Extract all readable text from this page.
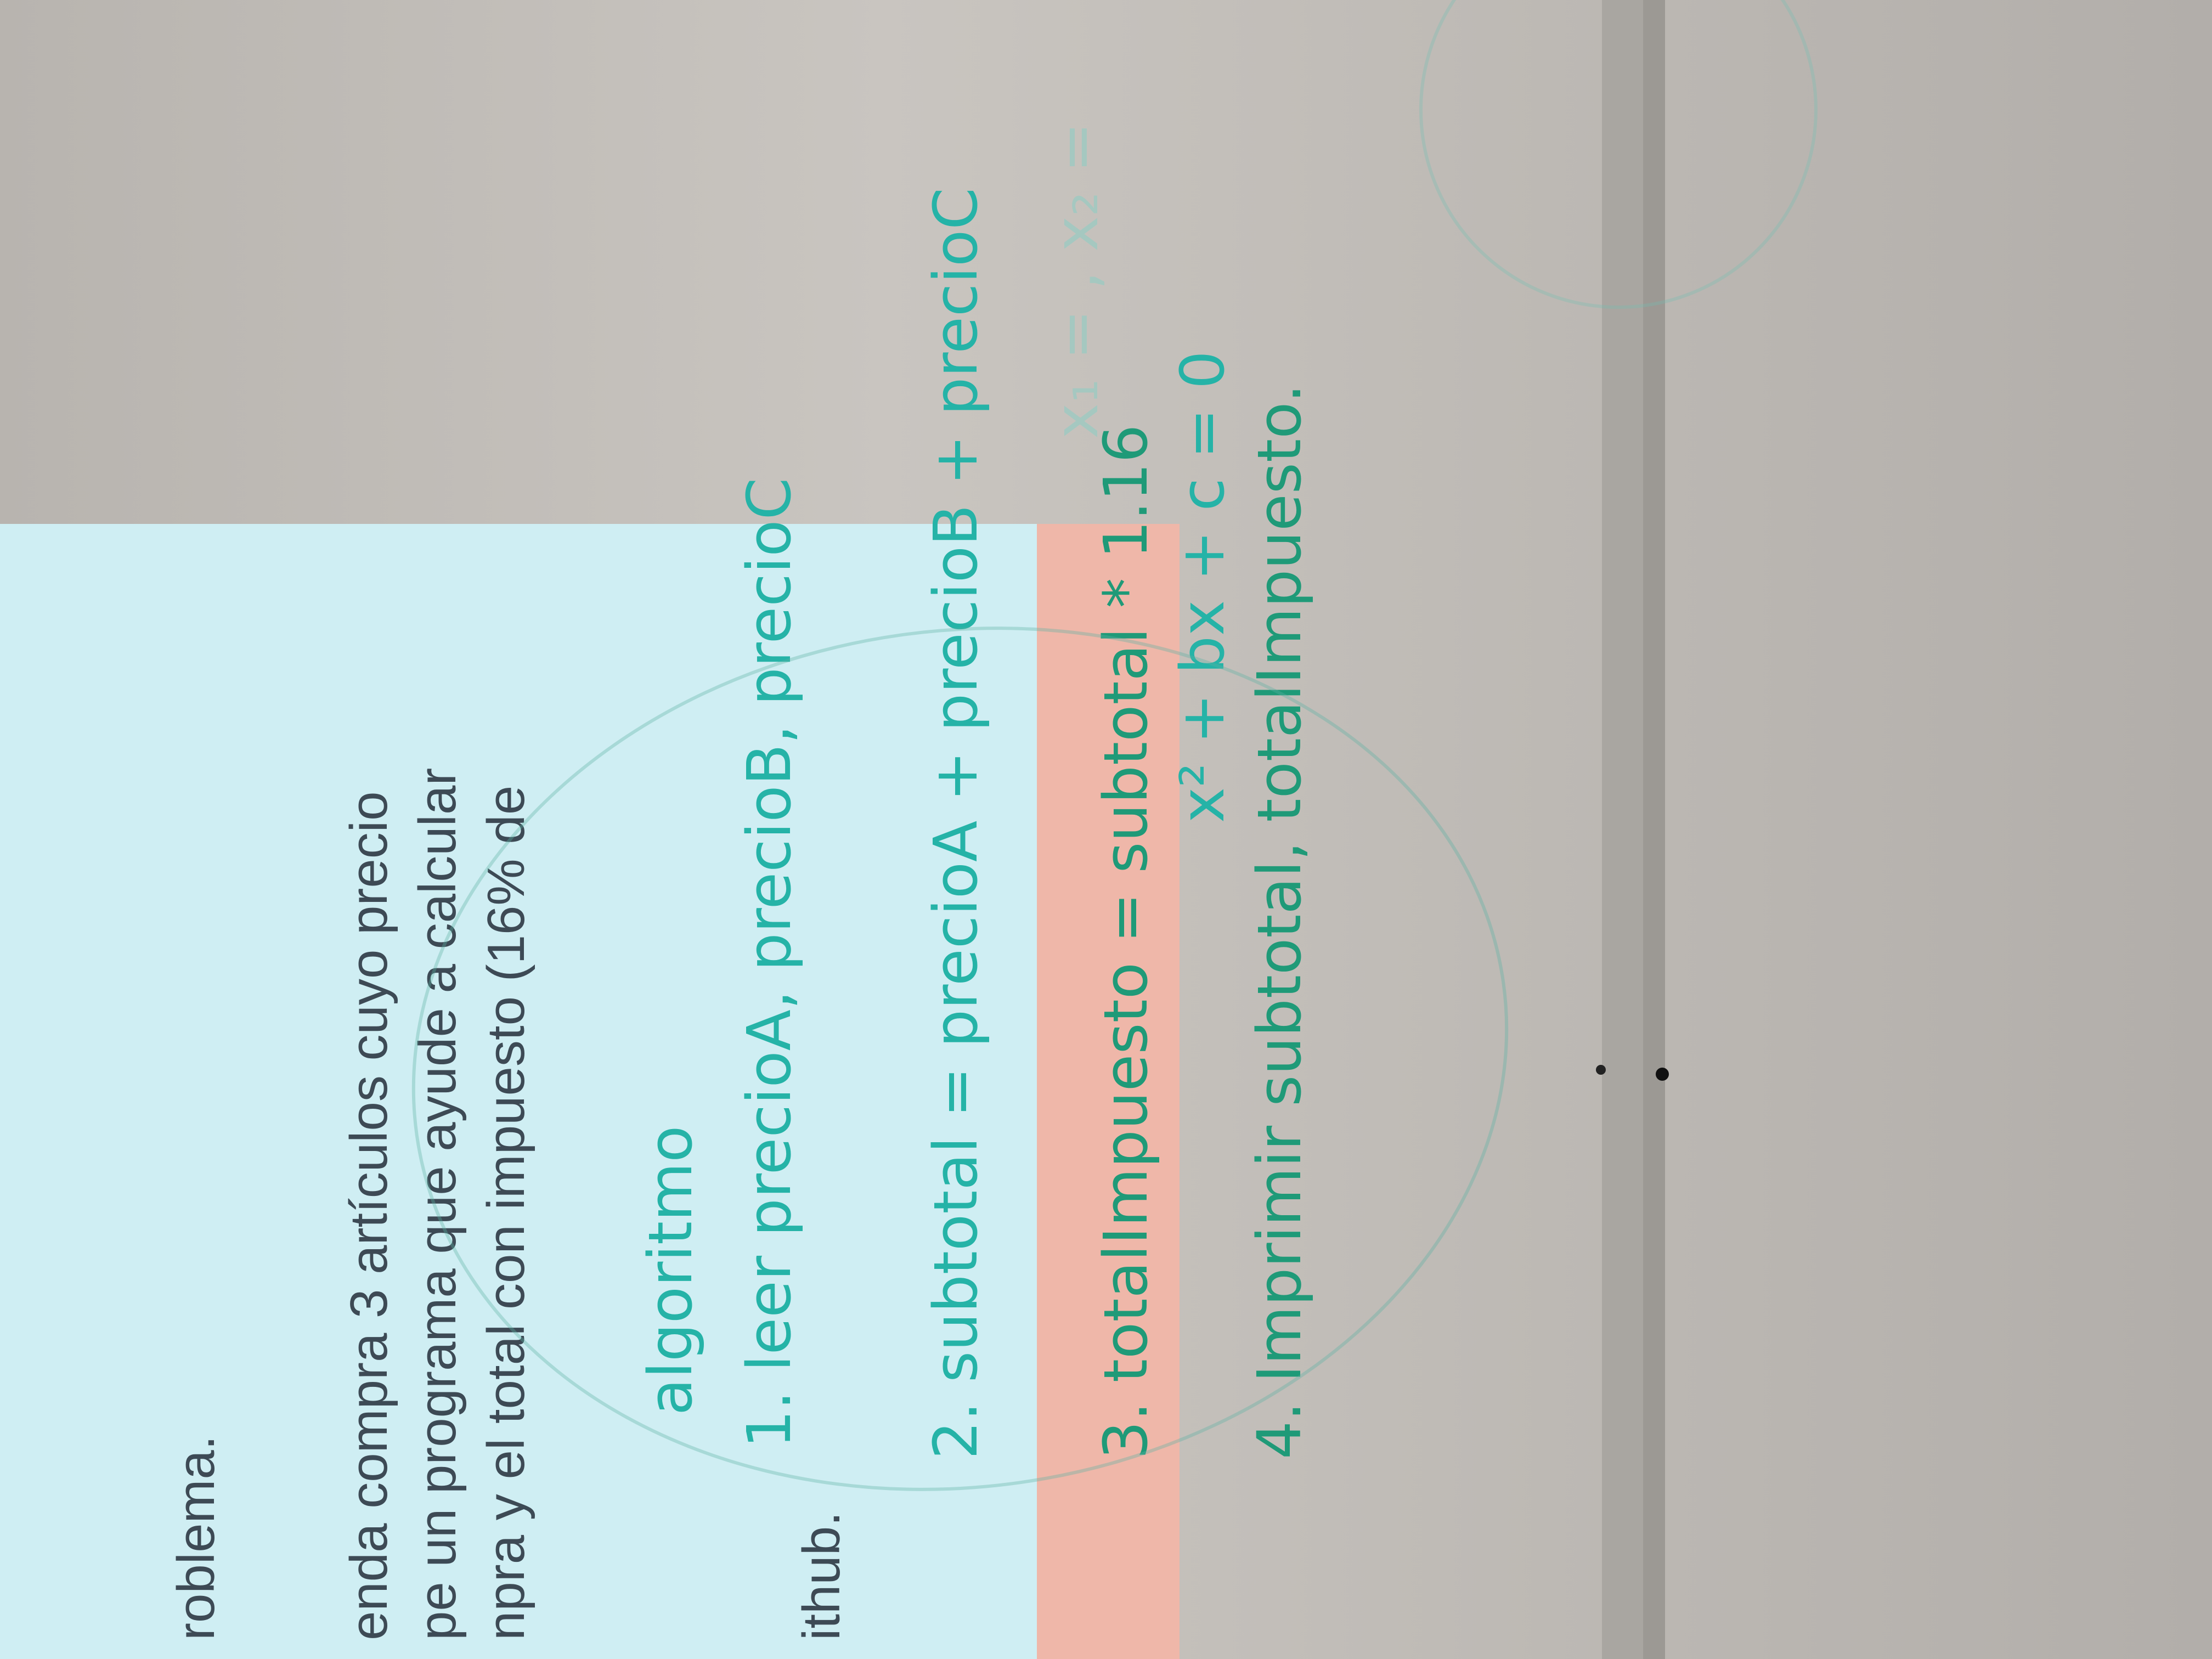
roblema. enda compra 3 artículos cuyo precio pe un programa que ayude a calcular npra y el total con impuesto (16% de	ithub.
x² + bx + c = 0
x₁ = , x₂ =
algoritmo 1. leer precioA, precioB, precioC 2. subtotal = precioA + precioB + precioC 3. totalImpuesto = subtotal * 1.16 4. Imprimir subtotal, totalImpuesto.
